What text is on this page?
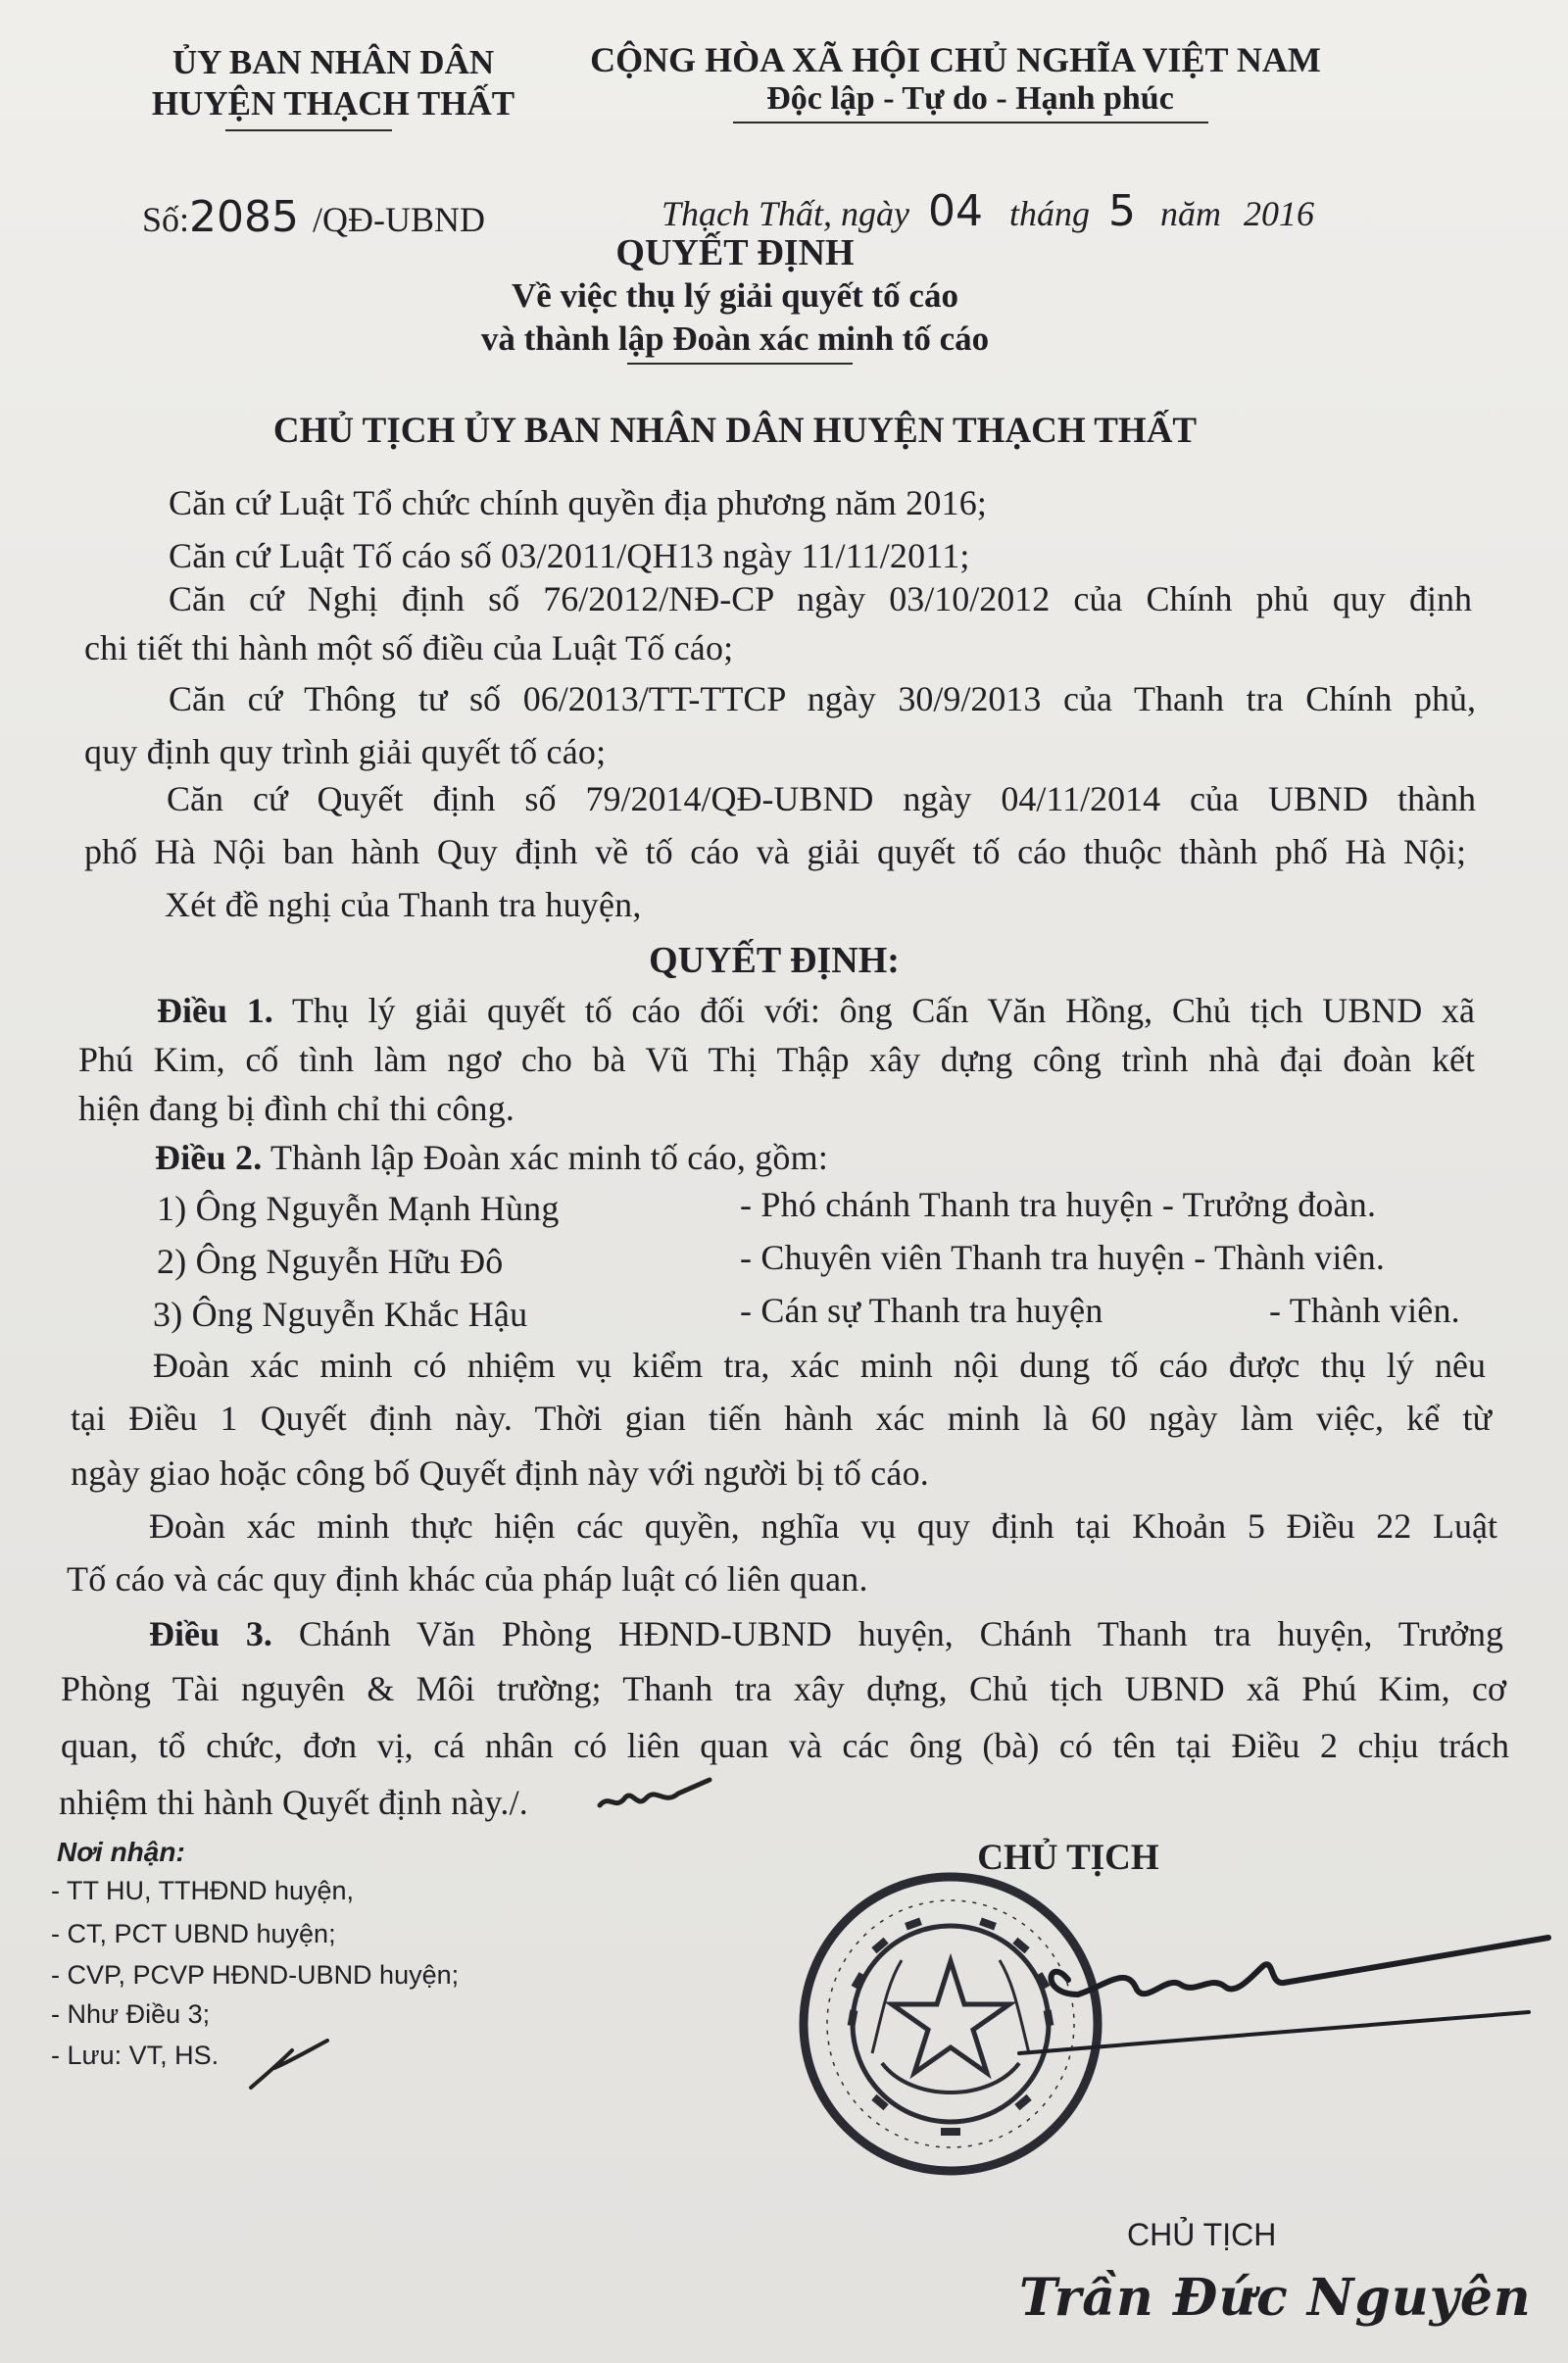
ỦY BAN NHÂN DÂN
HUYỆN THẠCH THẤT
CỘNG HÒA XÃ HỘI CHỦ NGHĨA VIỆT NAM
Độc lập - Tự do - Hạnh phúc
Số:2085 /QĐ-UBND	Thạch Thất, ngày 04 tháng 5 năm 2016
QUYẾT ĐỊNH
Về việc thụ lý giải quyết tố cáo
và thành lập Đoàn xác minh tố cáo
CHỦ TỊCH ỦY BAN NHÂN DÂN HUYỆN THẠCH THẤT
Căn cứ Luật Tổ chức chính quyền địa phương năm 2016;
Căn cứ Luật Tố cáo số 03/2011/QH13 ngày 11/11/2011;
Căn cứ Nghị định số 76/2012/NĐ-CP ngày 03/10/2012 của Chính phủ quy định
chi tiết thi hành một số điều của Luật Tố cáo;
Căn cứ Thông tư số 06/2013/TT-TTCP ngày 30/9/2013 của Thanh tra Chính phủ,
quy định quy trình giải quyết tố cáo;
Căn cứ Quyết định số 79/2014/QĐ-UBND ngày 04/11/2014 của UBND thành
phố Hà Nội ban hành Quy định về tố cáo và giải quyết tố cáo thuộc thành phố Hà Nội;
Xét đề nghị của Thanh tra huyện,
QUYẾT ĐỊNH:
Điều 1. Thụ lý giải quyết tố cáo đối với: ông Cấn Văn Hồng, Chủ tịch UBND xã
Phú Kim, cố tình làm ngơ cho bà Vũ Thị Thập xây dựng công trình nhà đại đoàn kết
hiện đang bị đình chỉ thi công.
Điều 2. Thành lập Đoàn xác minh tố cáo, gồm:
1) Ông Nguyễn Mạnh Hùng	- Phó chánh Thanh tra huyện - Trưởng đoàn.
2) Ông Nguyễn Hữu Đô	- Chuyên viên Thanh tra huyện - Thành viên.
3) Ông Nguyễn Khắc Hậu	- Cán sự Thanh tra huyện	- Thành viên.
Đoàn xác minh có nhiệm vụ kiểm tra, xác minh nội dung tố cáo được thụ lý nêu
tại Điều 1 Quyết định này. Thời gian tiến hành xác minh là 60 ngày làm việc, kể từ
ngày giao hoặc công bố Quyết định này với người bị tố cáo.
Đoàn xác minh thực hiện các quyền, nghĩa vụ quy định tại Khoản 5 Điều 22 Luật
Tố cáo và các quy định khác của pháp luật có liên quan.
Điều 3. Chánh Văn Phòng HĐND-UBND huyện, Chánh Thanh tra huyện, Trưởng
Phòng Tài nguyên & Môi trường; Thanh tra xây dựng, Chủ tịch UBND xã Phú Kim, cơ
quan, tổ chức, đơn vị, cá nhân có liên quan và các ông (bà) có tên tại Điều 2 chịu trách
nhiệm thi hành Quyết định này./.
Nơi nhận:
- TT HU, TTHĐND huyện,
- CT, PCT UBND huyện;
- CVP, PCVP HĐND-UBND huyện;
- Như Điều 3;
- Lưu: VT, HS.
CHỦ TỊCH
CHỦ TỊCH
Trần Đức Nguyên
